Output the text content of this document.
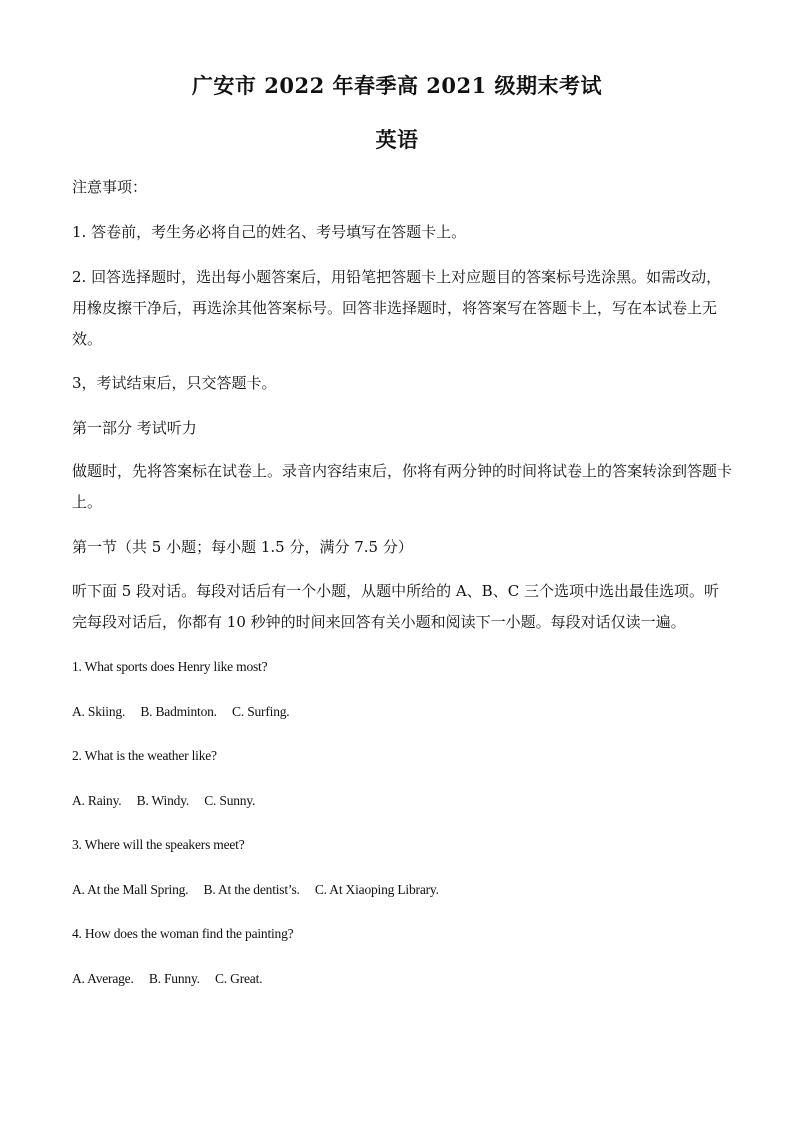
广安市 2022 年春季高 2021 级期末考试
英语

注意事项：

1. 答卷前，考生务必将自己的姓名、考号填写在答题卡上。

2. 回答选择题时，选出每小题答案后，用铅笔把答题卡上对应题目的答案标号选涂黑。如需改动，用橡皮擦干净后，再选涂其他答案标号。回答非选择题时，将答案写在答题卡上，写在本试卷上无效。

3，考试结束后，只交答题卡。

第一部分 考试听力

做题时，先将答案标在试卷上。录音内容结束后，你将有两分钟的时间将试卷上的答案转涂到答题卡上。

第一节（共 5 小题；每小题 1.5 分，满分 7.5 分）

听下面 5 段对话。每段对话后有一个小题，从题中所给的 A、B、C 三个选项中选出最佳选项。听完每段对话后，你都有 10 秒钟的时间来回答有关小题和阅读下一小题。每段对话仅读一遍。

1. What sports does Henry like most?

A. Skiing. B. Badminton. C. Surfing.

2. What is the weather like?

A. Rainy. B. Windy. C. Sunny.

3. Where will the speakers meet?

A. At the Mall Spring. B. At the dentist’s. C. At Xiaoping Library.

4. How does the woman find the painting?

A. Average. B. Funny. C. Great.
